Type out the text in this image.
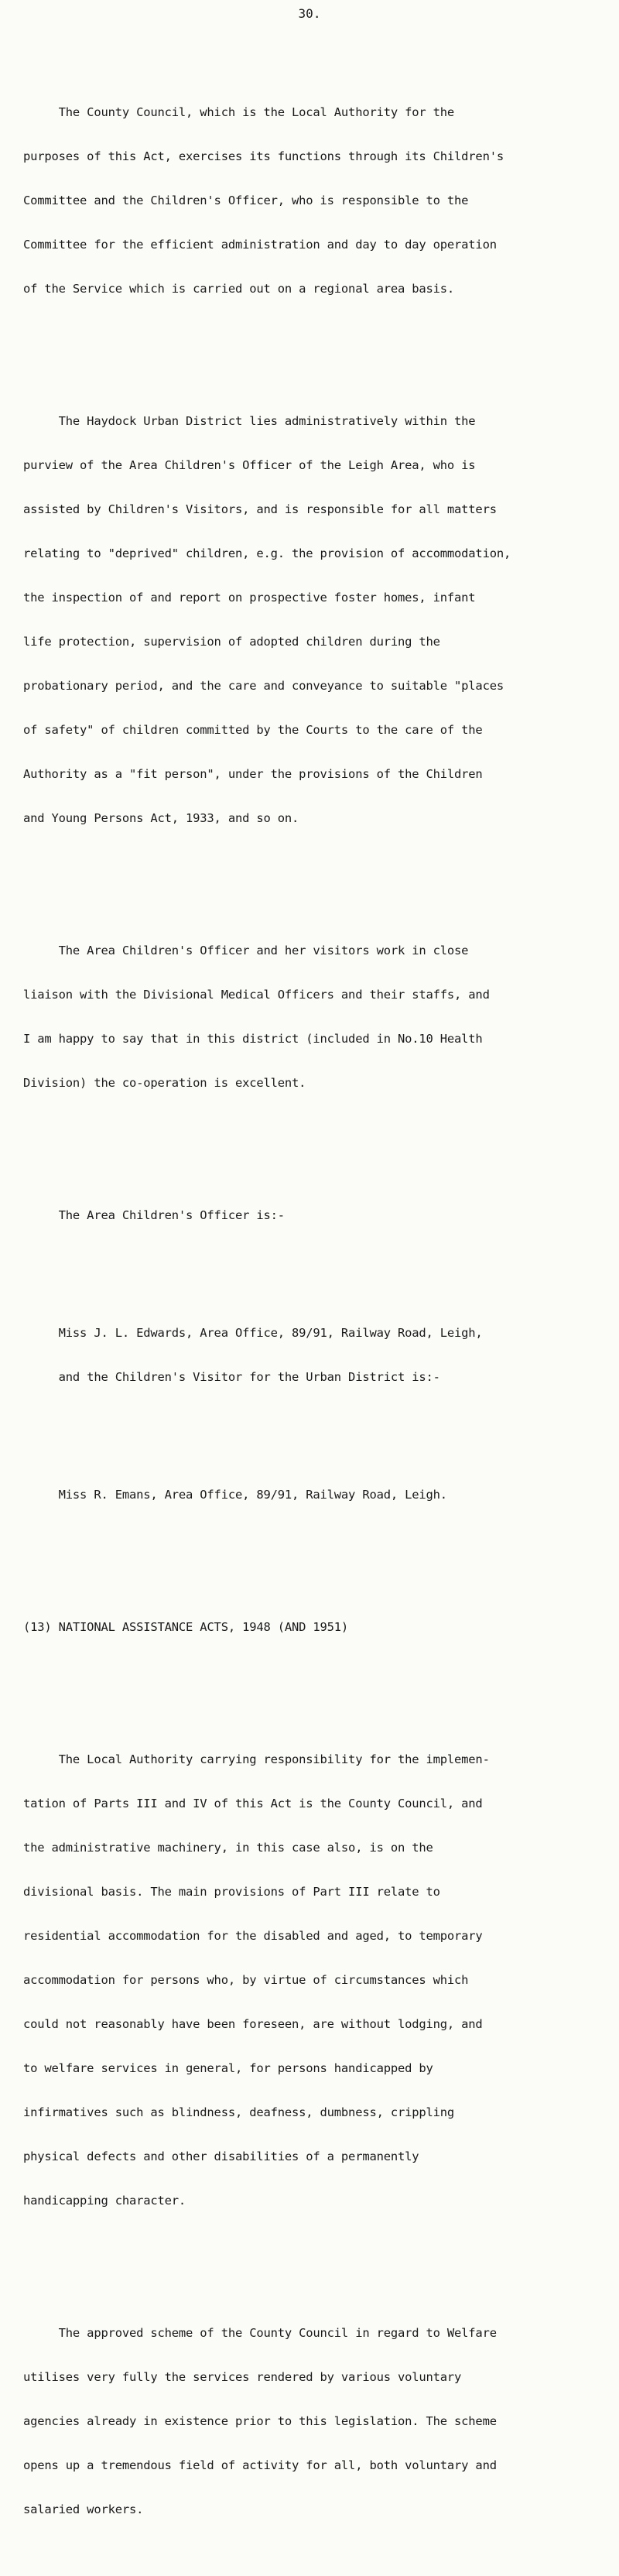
30.

The County Council, which is the Local Authority for the

purposes of this Act, exercises its functions through its Children's

Committee and the Children's Officer, who is responsible to the

Committee for the efficient administration and day to day operation

of the Service which is carried out on a regional area basis.

The Haydock Urban District lies administratively within the

purview of the Area Children's Officer of the Leigh Area, who is

assisted by Children's Visitors, and is responsible for all matters

relating to "deprived" children, e.g. the provision of accommodation,

the inspection of and report on prospective foster homes, infant

life protection, supervision of adopted children during the

probationary period, and the care and conveyance to suitable "places

of safety" of children committed by the Courts to the care of the

Authority as a "fit person", under the provisions of the Children

and Young Persons Act, 1933, and so on.

The Area Children's Officer and her visitors work in close

liaison with the Divisional Medical Officers and their staffs, and

I am happy to say that in this district (included in No.10 Health

Division) the co-operation is excellent.

The Area Children's Officer is:-

Miss J. L. Edwards, Area Office, 89/91, Railway Road, Leigh,

and the Children's Visitor for the Urban District is:-

Miss R. Emans, Area Office, 89/91, Railway Road, Leigh.

(13) NATIONAL ASSISTANCE ACTS, 1948 (AND 1951)

The Local Authority carrying responsibility for the implemen-

tation of Parts III and IV of this Act is the County Council, and

the administrative machinery, in this case also, is on the

divisional basis. The main provisions of Part III relate to

residential accommodation for the disabled and aged, to temporary

accommodation for persons who, by virtue of circumstances which

could not reasonably have been foreseen, are without lodging, and

to welfare services in general, for persons handicapped by

infirmatives such as blindness, deafness, dumbness, crippling

physical defects and other disabilities of a permanently

handicapping character.

The approved scheme of the County Council in regard to Welfare

utilises very fully the services rendered by various voluntary

agencies already in existence prior to this legislation. The scheme

opens up a tremendous field of activity for all, both voluntary and

salaried workers.
